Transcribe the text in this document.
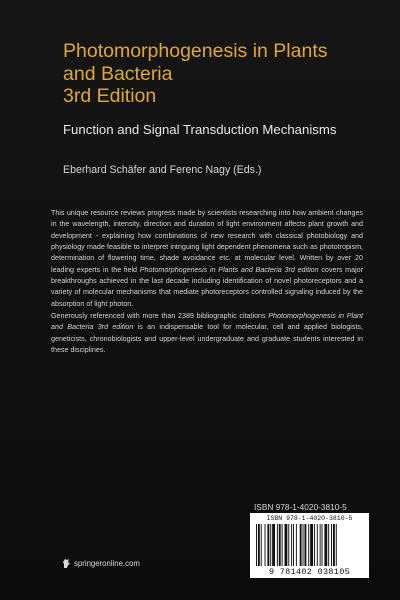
Photomorphogenesis in Plants
and Bacteria
3rd Edition
Function and Signal Transduction Mechanisms
Eberhard Schäfer and Ferenc Nagy (Eds.)

This unique resource reviews progress made by scientists researching into how ambient changes in the wavelength, intensity, direction and duration of light environment affects plant growth and development - explaining how combinations of new research with classical photobiology and physiology made feasible to interpret intriguing light dependent phenomena such as phototropism, determination of flowering time, shade avoidance etc. at molecular level. Written by over 20 leading experts in the field Photomorphogenesis in Plants and Bacteria 3rd edition covers major breakthroughs achieved in the last decade including identification of novel photoreceptors and a variety of molecular mechanisms that mediate photoreceptors controlled signaling induced by the absorption of light photon.

Generously referenced with more than 2389 bibliographic citations Photomorphogenesis in Plant and Bacteria 3rd edition is an indispensable tool for molecular, cell and applied biologists, geneticists, chronobiologists and upper-level undergraduate and graduate students interested in these disciplines.

ISBN 978-1-4020-3810-5
ISBN 978-1-4020-3810-5
9 781402 038105
springeronline.com
